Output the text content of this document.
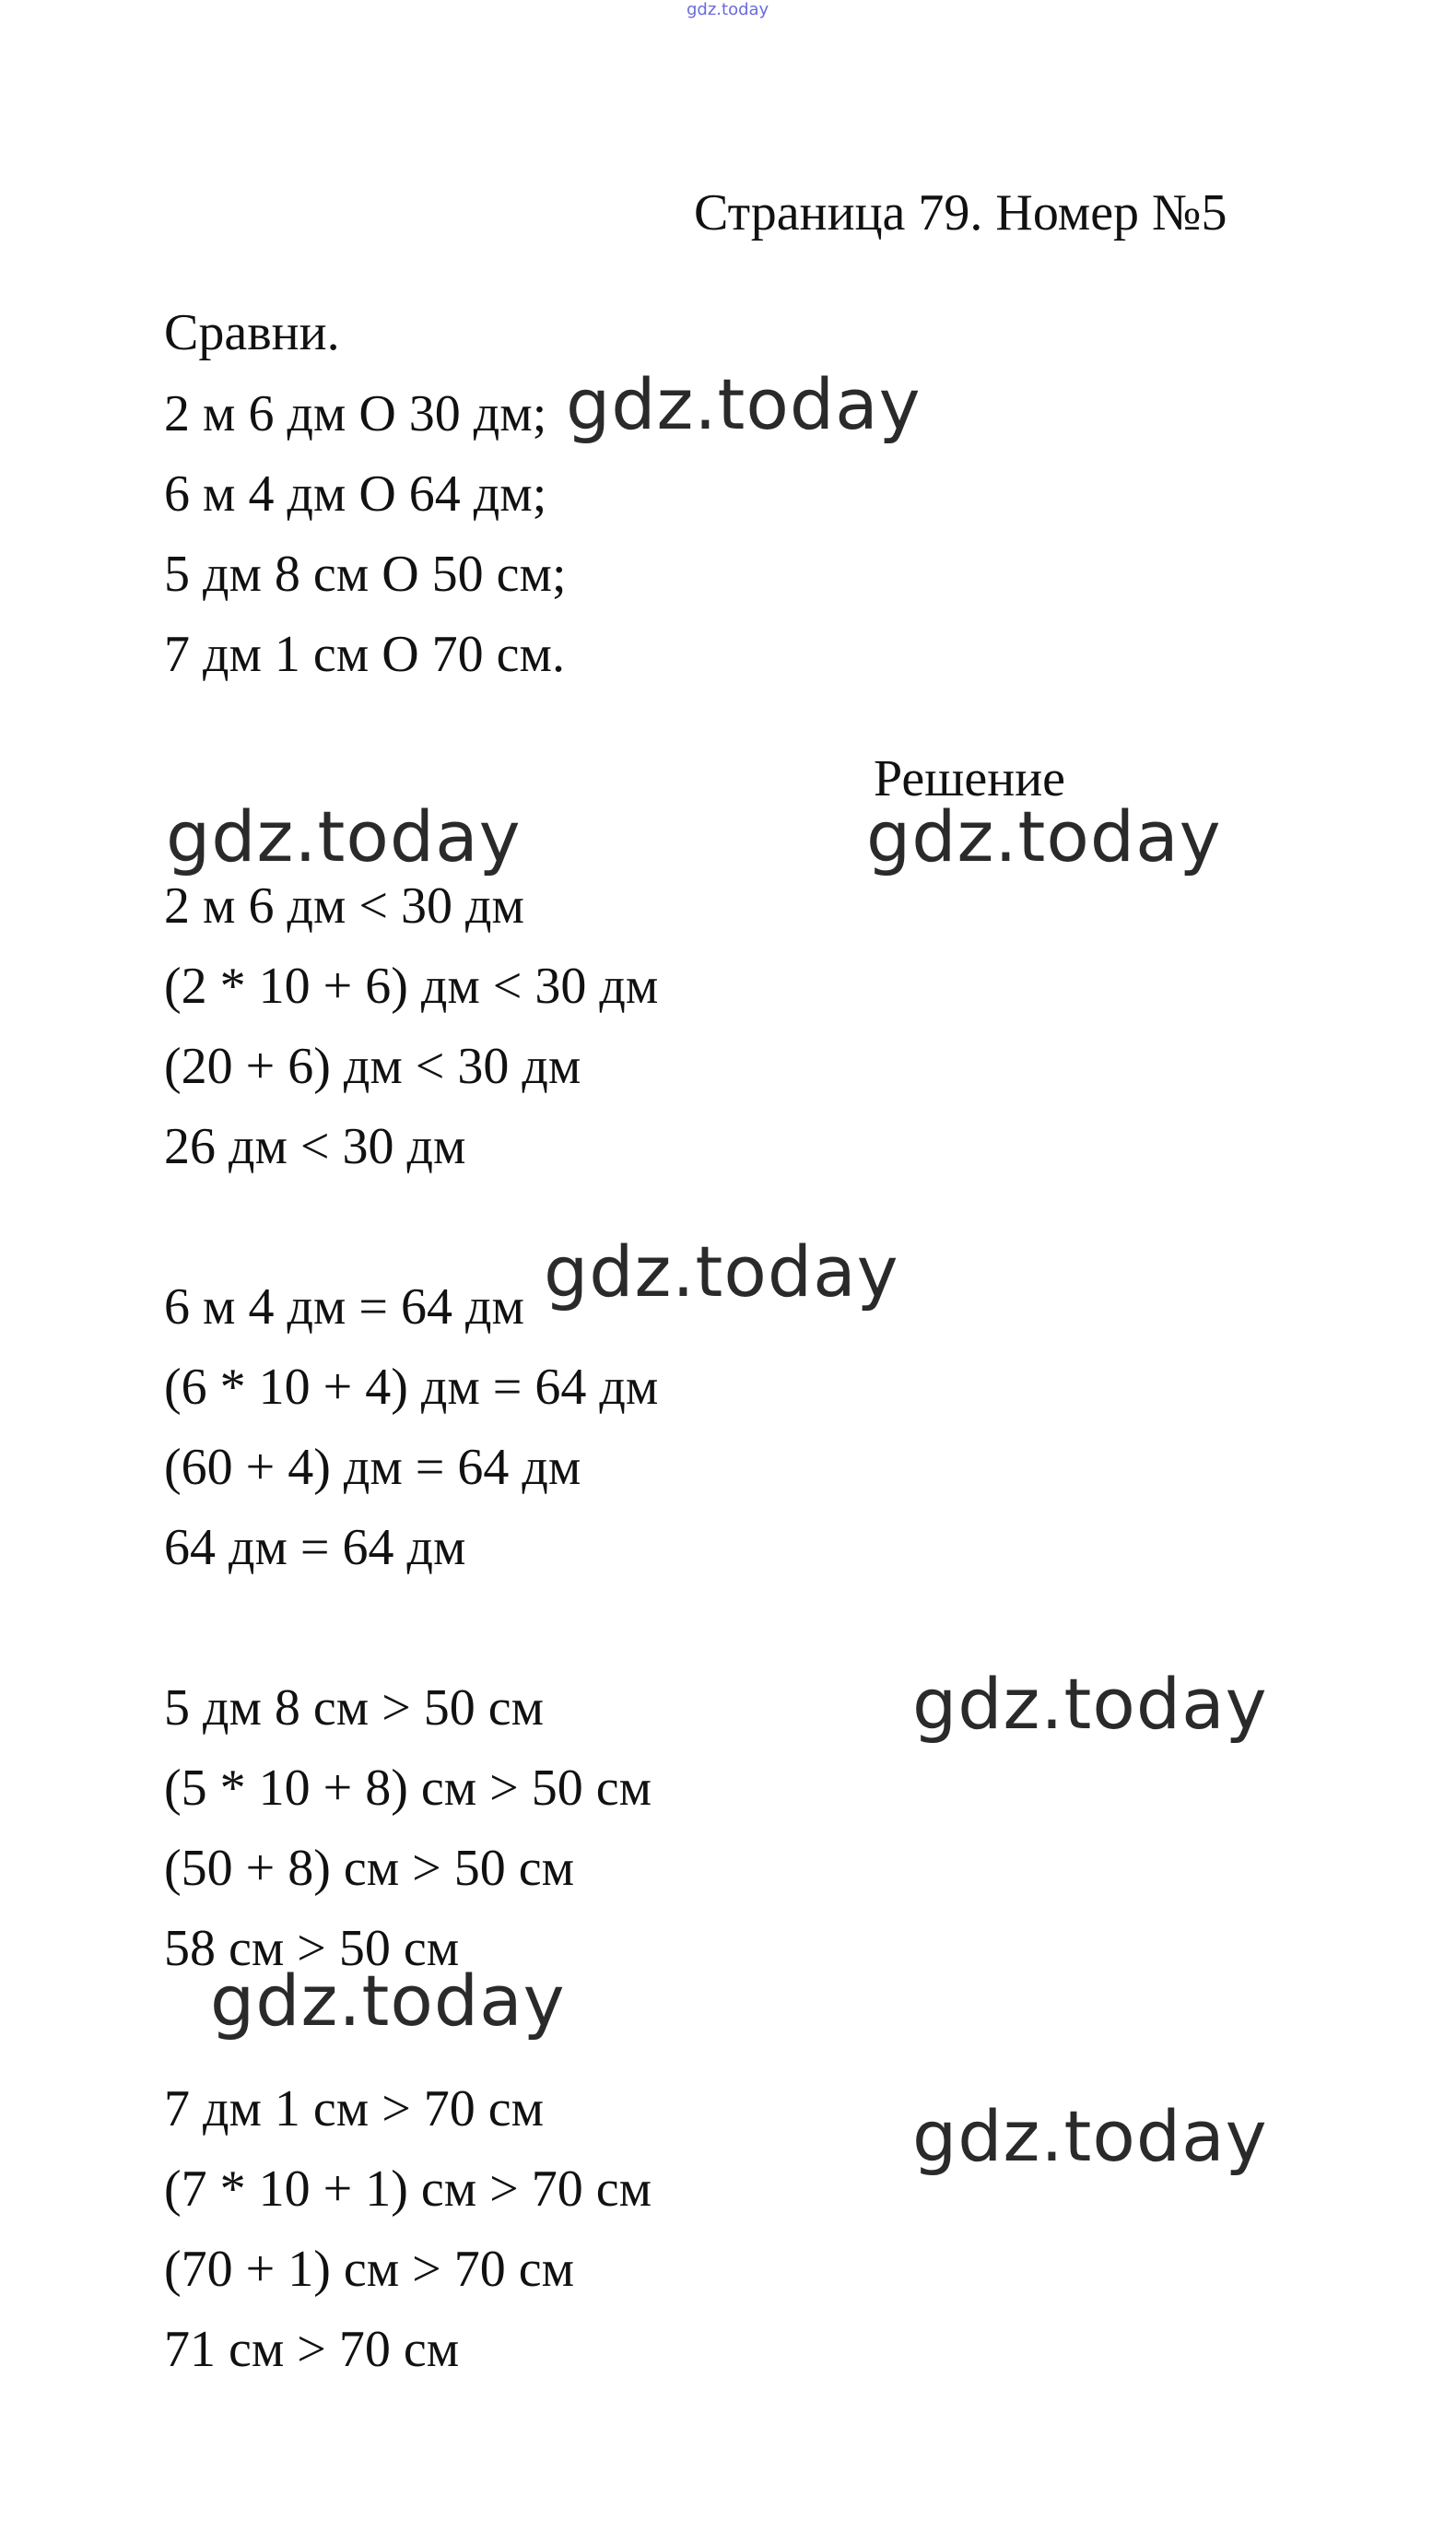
gdz.today
Страница 79. Номер №5
Сравни.
2 м 6 дм O 30 дм;
6 м 4 дм O 64 дм;
5 дм 8 см O 50 см;
7 дм 1 см O 70 см.
Решение
2 м 6 дм < 30 дм
(2 * 10 + 6) дм < 30 дм
(20 + 6) дм < 30 дм
26 дм < 30 дм
6 м 4 дм = 64 дм
(6 * 10 + 4) дм = 64 дм
(60 + 4) дм = 64 дм
64 дм = 64 дм
5 дм 8 см > 50 см
(5 * 10 + 8) см > 50 см
(50 + 8) см > 50 см
58 см > 50 см
7 дм 1 см > 70 см
(7 * 10 + 1) см > 70 см
(70 + 1) см > 70 см
71 см > 70 см
gdz.today
gdz.today	gdz.today
gdz.today
gdz.today
gdz.today
gdz.today
